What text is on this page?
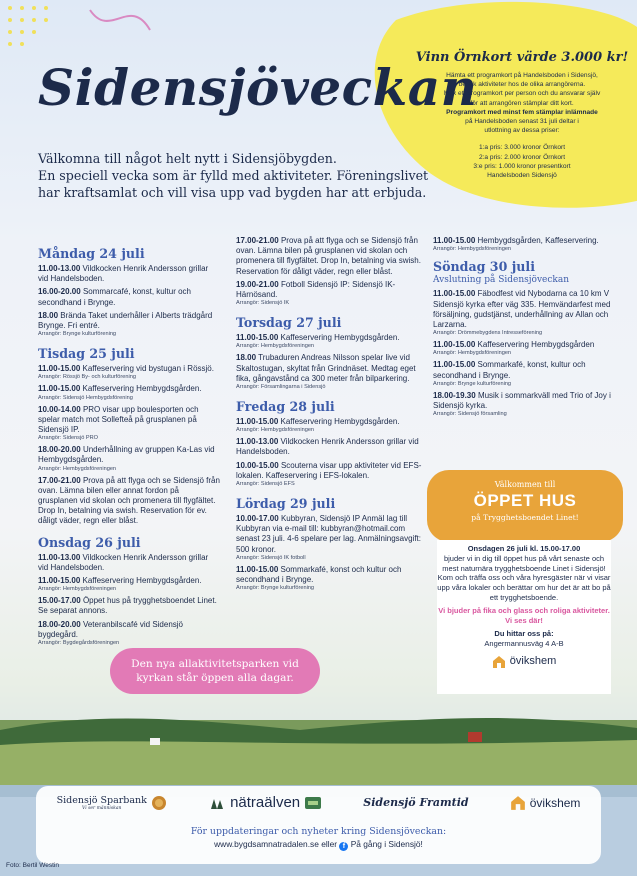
Sidensjöveckan
Välkomna till något helt nytt i Sidensjöbygden.
En speciell vecka som är fylld med aktiviteter. Föreningslivet
har kraftsamlat och vill visa upp vad bygden har att erbjuda.
Vinn Örnkort värde 3.000 kr!
Hämta ett programkort på Handelsboden i Sidensjö,
besök aktiviteter hos de olika arrangörerna.
Max ett programkort per person och du ansvarar själv
för att arrangören stämplar ditt kort.
Programkort med minst fem stämplar inlämnade
på Handelsboden senast 31 juli deltar i
utlottning av dessa priser:
1:a pris: 3.000 kronor Örnkort
2:a pris: 2.000 kronor Örnkort
3:e pris: 1.000 kronor presentkort
Handelsboden Sidensjö
Måndag 24 juli
11.00-13.00 Vildkocken Henrik Andersson grillar vid Handelsboden.
16.00-20.00 Sommarcafé, konst, kultur och secondhand i Brynge.
18.00 Brända Taket underhåller i Alberts trädgård Brynge. Fri entré.
Arrangör: Brynge kulturförening
Tisdag 25 juli
11.00-15.00 Kaffeservering vid bystugan i Rössjö.
Arrangör: Rössjö By- och kulturförening
11.00-15.00 Kaffeservering Hembygdsgården.
Arrangör: Sidensjö Hembygdsförening
10.00-14.00 PRO visar upp boulesporten och spelar match mot Sollefteå på grusplanen på Sidensjö IP.
Arrangör: Sidensjö PRO
18.00-20.00 Underhållning av gruppen Ka-Las vid Hembygdsgården.
Arrangör: Hembygdsföreningen
17.00-21.00 Prova på att flyga och se Sidensjö från ovan. Lämna bilen eller annat fordon på grusplanen vid skolan och promenera till flygfältet. Drop In, betalning via swish. Reservation för ev. dåligt väder, regn eller blåst.
Onsdag 26 juli
11.00-13.00 Vildkocken Henrik Andersson grillar vid Handelsboden.
11.00-15.00 Kaffeservering Hembygdsgården.
Arrangör: Hembygdsföreningen
15.00-17.00 Öppet hus på trygghetsboendet Linet. Se separat annons.
18.00-20.00 Veteranbilscafé vid Sidensjö bygdegård.
Arrangör: Bygdegårdsföreningen
17.00-21.00 Prova på att flyga och se Sidensjö från ovan. Lämna bilen på grusplanen vid skolan och promenera till flygfältet. Drop In, betalning via swish. Reservation för dåligt väder, regn eller blåst.
19.00-21.00 Fotboll Sidensjö IP: Sidensjö IK-Härnösand.
Arrangör: Sidensjö IK
Torsdag 27 juli
11.00-15.00 Kaffeservering Hembygdsgården.
Arrangör: Hembygdsföreningen
18.00 Trubaduren Andreas Nilsson spelar live vid Skaltostugan, skyltat från Grindnäset. Medtag eget fika, gångavstånd ca 300 meter från bilparkering.
Arrangör: Församlingarna i Sidensjö
Fredag 28 juli
11.00-15.00 Kaffeservering Hembygdsgården.
Arrangör: Hembygdsföreningen
11.00-13.00 Vildkocken Henrik Andersson grillar vid Handelsboden.
10.00-15.00 Scouterna visar upp aktiviteter vid EFS-lokalen. Kaffeservering i EFS-lokalen.
Arrangör: Sidensjö EFS
Lördag 29 juli
10.00-17.00 Kubbyran, Sidensjö IP Anmäl lag till Kubbyran via e-mail till: kubbyran@hotmail.com senast 23 juli. 4-6 spelare per lag. Anmälningsavgift: 500 kronor.
Arrangör: Sidensjö IK fotboll
11.00-15.00 Sommarkafé, konst och kultur och secondhand i Brynge.
Arrangör: Brynge kulturförening
11.00-15.00 Hembygdsgården, Kaffeservering.
Arrangör: Hembygdsföreningen
Söndag 30 juli
Avslutning på Sidensjöveckan
11.00-15.00 Fäbodfest vid Nybodarna ca 10 km V Sidensjö kyrka efter väg 335. Hemvändarfest med försäljning, gudstjänst, underhållning av Allan och Larzarna.
Arrangör: Drömmebygdens Intresseförening
11.00-15.00 Kaffeservering Hembygdsgården
Arrangör: Hembygdsföreningen
11.00-15.00 Sommarkafé, konst, kultur och secondhand i Brynge.
Arrangör: Brynge kulturförening
18.00-19.30 Musik i sommarkväll med Trio of Joy i Sidensjö kyrka.
Arrangör: Sidensjö församling
Den nya allaktivitetsparken vid
kyrkan står öppen alla dagar.
Välkommen till
ÖPPET HUS
på Trygghetsboendet Linet!
Onsdagen 26 juli kl. 15.00-17.00
bjuder vi in dig till öppet hus på vårt senaste och mest naturnära trygghetsboende Linet i Sidensjö! Kom och träffa oss och våra hyresgäster när vi visar upp våra lokaler och berättar om hur det är att bo på ett trygghetsboende.
Vi bjuder på fika och glass och roliga aktiviteter. Vi ses där!
Du hittar oss på:
Angermannusväg 4 A-B
övikshem
Sidensjö Sparbank
Vi ser människan	nätraälven	Sidensjö Framtid	övikshem
För uppdateringar och nyheter kring Sidensjöveckan:
www.bygdsamnatradalen.se eller f På gång i Sidensjö!
Foto: Bertil Westin
